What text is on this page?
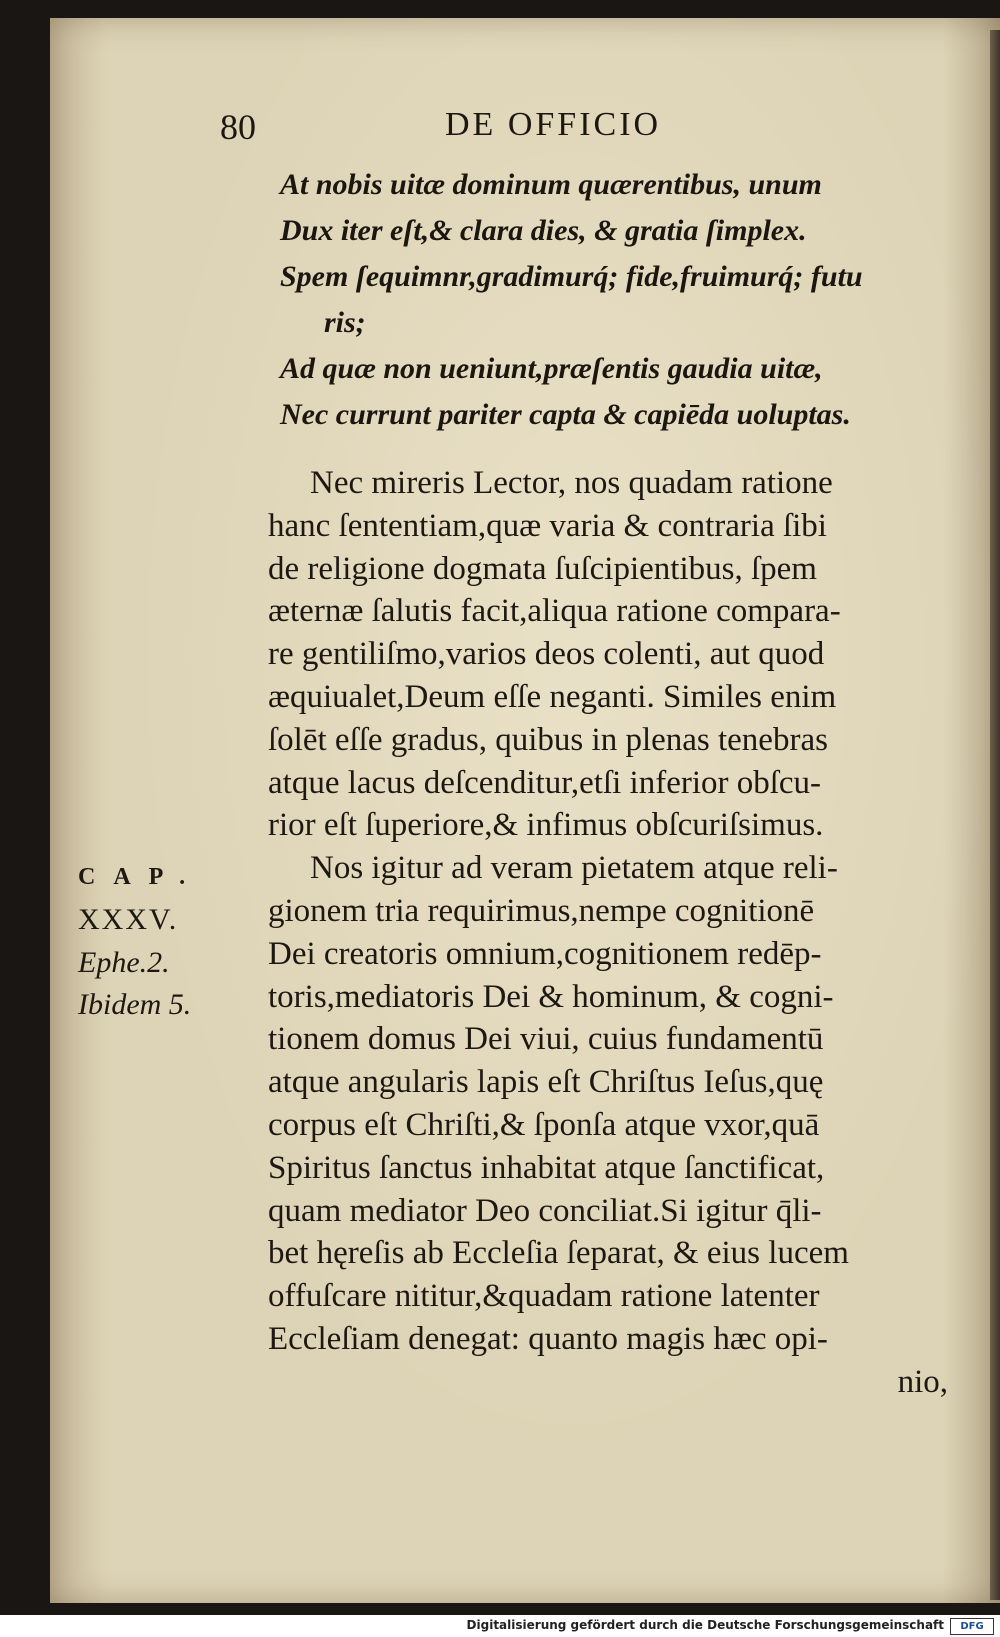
80	DE OFFICIO
At nobis uitæ dominum quærentibus, unum
Dux iter eſt,& clara dies, & gratia ſimplex.
Spem ſequimnr,gradimurq́; fide,fruimurq́; futu
ris;
Ad quæ non ueniunt,præſentis gaudia uitæ,
Nec currunt pariter capta & capiēda uoluptas.
Nec mireris Lector, nos quadam ratione
hanc ſententiam,quæ varia & contraria ſibi
de religione dogmata ſuſcipientibus, ſpem
æternæ ſalutis facit,aliqua ratione compara-
re gentiliſmo,varios deos colenti, aut quod
æquiualet,Deum eſſe neganti. Similes enim
ſolēt eſſe gradus, quibus in plenas tenebras
atque lacus deſcenditur,etſi inferior obſcu-
rior eſt ſuperiore,& infimus obſcuriſsimus.
Nos igitur ad veram pietatem atque reli-
gionem tria requirimus,nempe cognitionē
Dei creatoris omnium,cognitionem redēp-
toris,mediatoris Dei & hominum, & cogni-
tionem domus Dei viui, cuius fundamentū
atque angularis lapis eſt Chriſtus Ieſus,quę
corpus eſt Chriſti,& ſponſa atque vxor,quā
Spiritus ſanctus inhabitat atque ſanctificat,
quam mediator Deo conciliat.Si igitur q̄li-
bet hęreſis ab Eccleſia ſeparat, & eius lucem
offuſcare nititur,&quadam ratione latenter
Eccleſiam denegat: quanto magis hæc opi-
nio,
CAP.
XXXV.
Ephe.2.
Ibidem 5.
Digitalisierung gefördert durch die Deutsche Forschungsgemeinschaft	DFG
